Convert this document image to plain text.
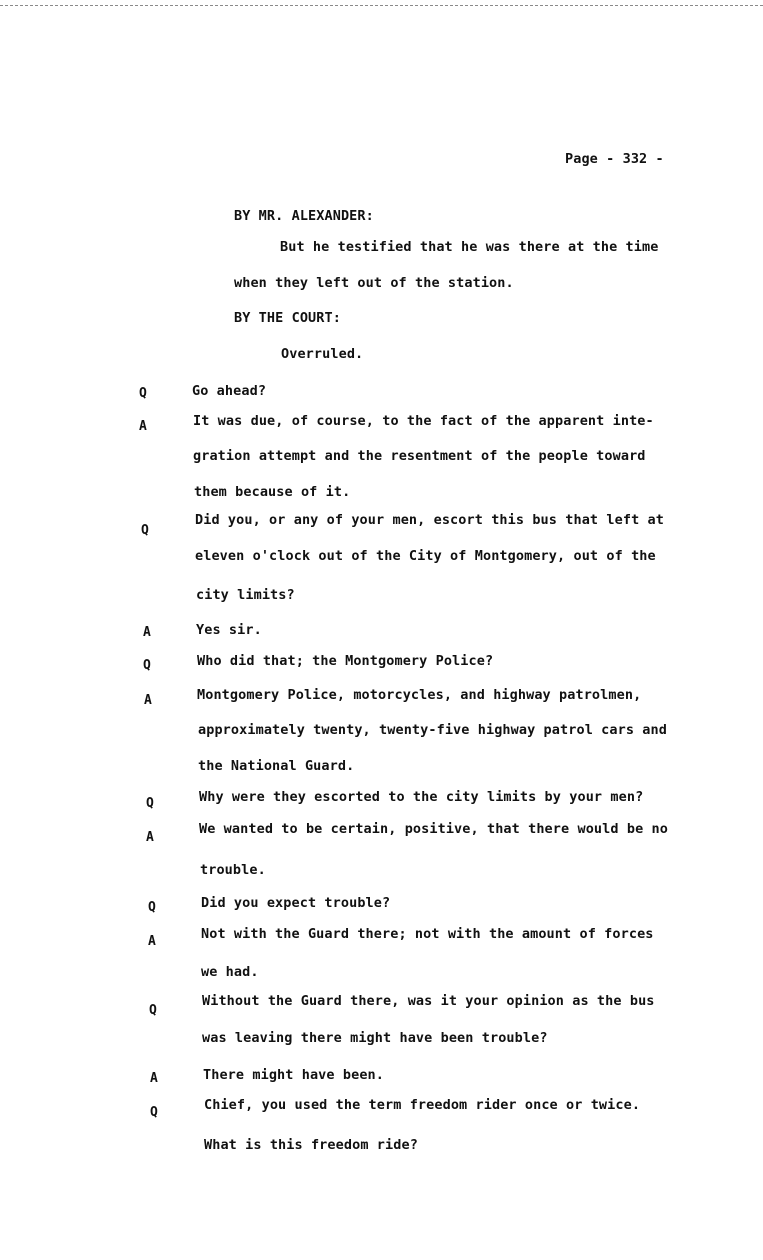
Page - 332 -
BY MR. ALEXANDER:
But he testified that he was there at the time
when they left out of the station.
BY THE COURT:
Overruled.
Q	Go ahead?
A	It was due, of course, to the fact of the apparent inte-
gration attempt and the resentment of the people toward
them because of it.
Q
Did you, or any of your men, escort this bus that left at
eleven o'clock out of the City of Montgomery, out of the
city limits?
A	Yes sir.
Q	Who did that; the Montgomery Police?
A	Montgomery Police, motorcycles, and highway patrolmen,
approximately twenty, twenty-five highway patrol cars and
the National Guard.
Q	Why were they escorted to the city limits by your men?
A
We wanted to be certain, positive, that there would be no
trouble.
Q	Did you expect trouble?
A	Not with the Guard there; not with the amount of forces
we had.
Q
Without the Guard there, was it your opinion as the bus
was leaving there might have been trouble?
A	There might have been.
Q	Chief, you used the term freedom rider once or twice.
What is this freedom ride?
